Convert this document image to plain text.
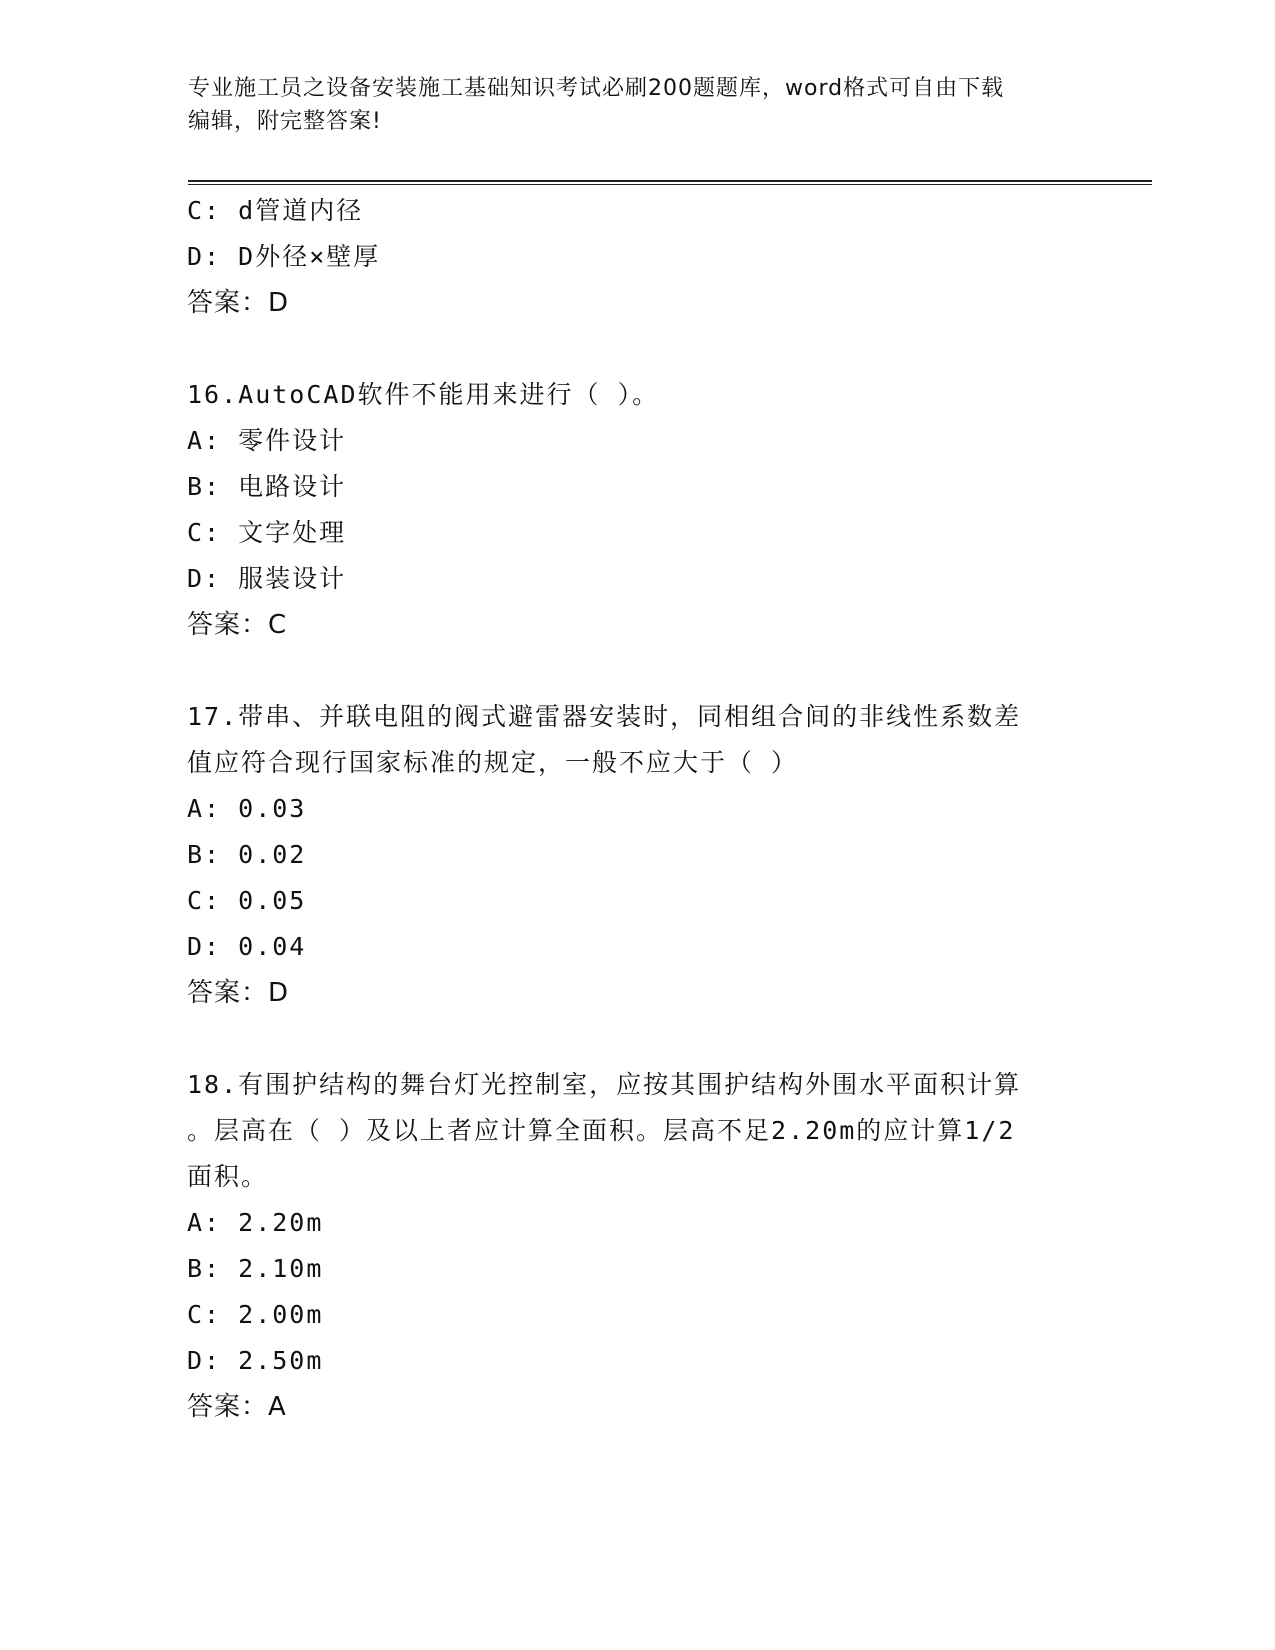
专业施工员之设备安装施工基础知识考试必刷200题题库，word格式可自由下载
编辑，附完整答案!
C: d管道内径
D: D外径×壁厚
答案：D
16.AutoCAD软件不能用来进行（ ）。
A: 零件设计
B: 电路设计
C: 文字处理
D: 服装设计
答案：C
17.带串、并联电阻的阀式避雷器安装时，同相组合间的非线性系数差
值应符合现行国家标准的规定，一般不应大于（ ）
A: 0.03
B: 0.02
C: 0.05
D: 0.04
答案：D
18.有围护结构的舞台灯光控制室，应按其围护结构外围水平面积计算
。层高在（ ）及以上者应计算全面积。层高不足2.20m的应计算1/2
面积。
A: 2.20m
B: 2.10m
C: 2.00m
D: 2.50m
答案：A
